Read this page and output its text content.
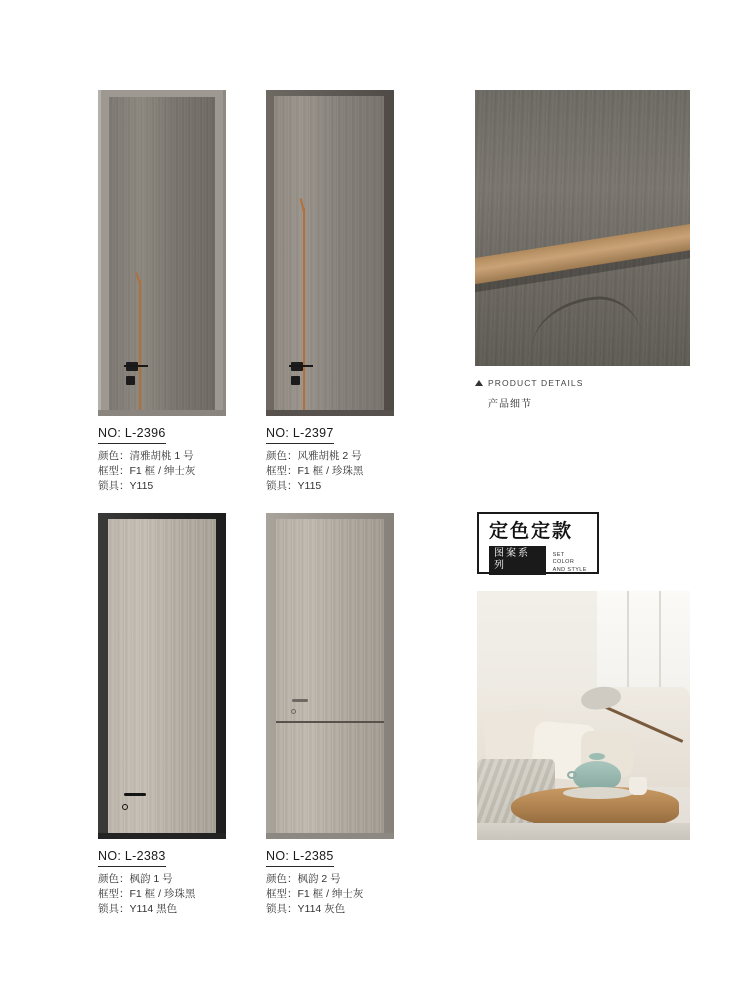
NO: L-2396
颜色：清雅胡桃 1 号
框型：F1 框 / 绅士灰
锁具：Y115
NO: L-2397
颜色：风雅胡桃 2 号
框型：F1 框 / 珍珠黑
锁具：Y115
PRODUCT DETAILS
产品细节
NO: L-2383
颜色：枫韵 1 号
框型：F1 框 / 珍珠黑
锁具：Y114 黑色
NO: L-2385
颜色：枫韵 2 号
框型：F1 框 / 绅士灰
锁具：Y114 灰色
定色定款
图案系列
SET COLOR
AND STYLE
